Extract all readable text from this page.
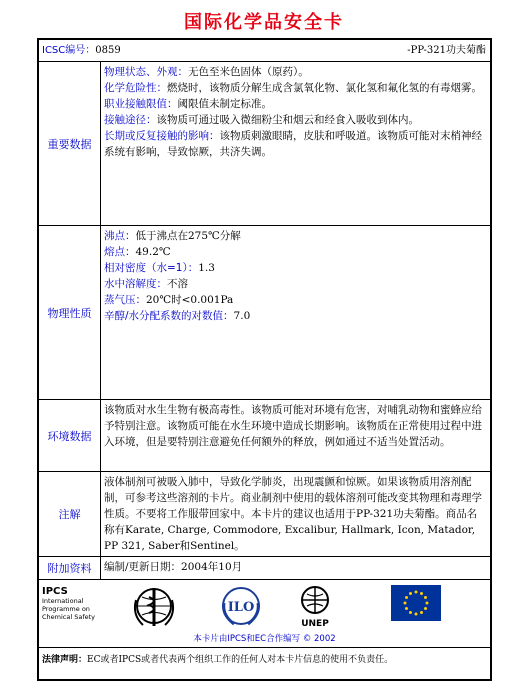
国际化学品安全卡
ICSC编号：0859	-PP-321功夫菊酯
重要数据
物理状态、外观：无色至米色固体（原药）。
化学危险性：燃烧时，该物质分解生成含氯氧化物、氯化氢和氟化氢的有毒烟雾。
职业接触限值：阈限值未制定标准。
接触途径：该物质可通过吸入微细粉尘和烟云和经食入吸收到体内。
长期或反复接触的影响：该物质刺激眼睛，皮肤和呼吸道。该物质可能对末梢神经系统有影响，导致惊厥，共济失调。
物理性质
沸点：低于沸点在275℃分解
熔点：49.2℃
相对密度（水=1）：1.3
水中溶解度：不溶
蒸气压：20℃时<0.001Pa
辛醇/水分配系数的对数值：7.0
环境数据
该物质对水生生物有极高毒性。该物质可能对环境有危害，对哺乳动物和蜜蜂应给予特别注意。该物质可能在水生环境中造成长期影响。该物质在正常使用过程中进入环境，但是要特别注意避免任何额外的释放，例如通过不适当处置活动。
注解
液体制剂可被吸入肺中，导致化学肺炎，出现震颤和惊厥。如果该物质用溶剂配制，可参考这些溶剂的卡片。商业制剂中使用的载体溶剂可能改变其物理和毒理学性质。不要将工作服带回家中。本卡片的建议也适用于PP-321功夫菊酯。商品名称有Karate, Charge, Commodore, Excalibur, Hallmark, Icon, Matador, PP 321, Saber和Sentinel。
附加资料	编制/更新日期：2004年10月
IPCS
International
Programme on
Chemical Safety
ILO
UNEP
本卡片由IPCS和EC合作编写 © 2002
法律声明：EC或者IPCS或者代表两个组织工作的任何人对本卡片信息的使用不负责任。
